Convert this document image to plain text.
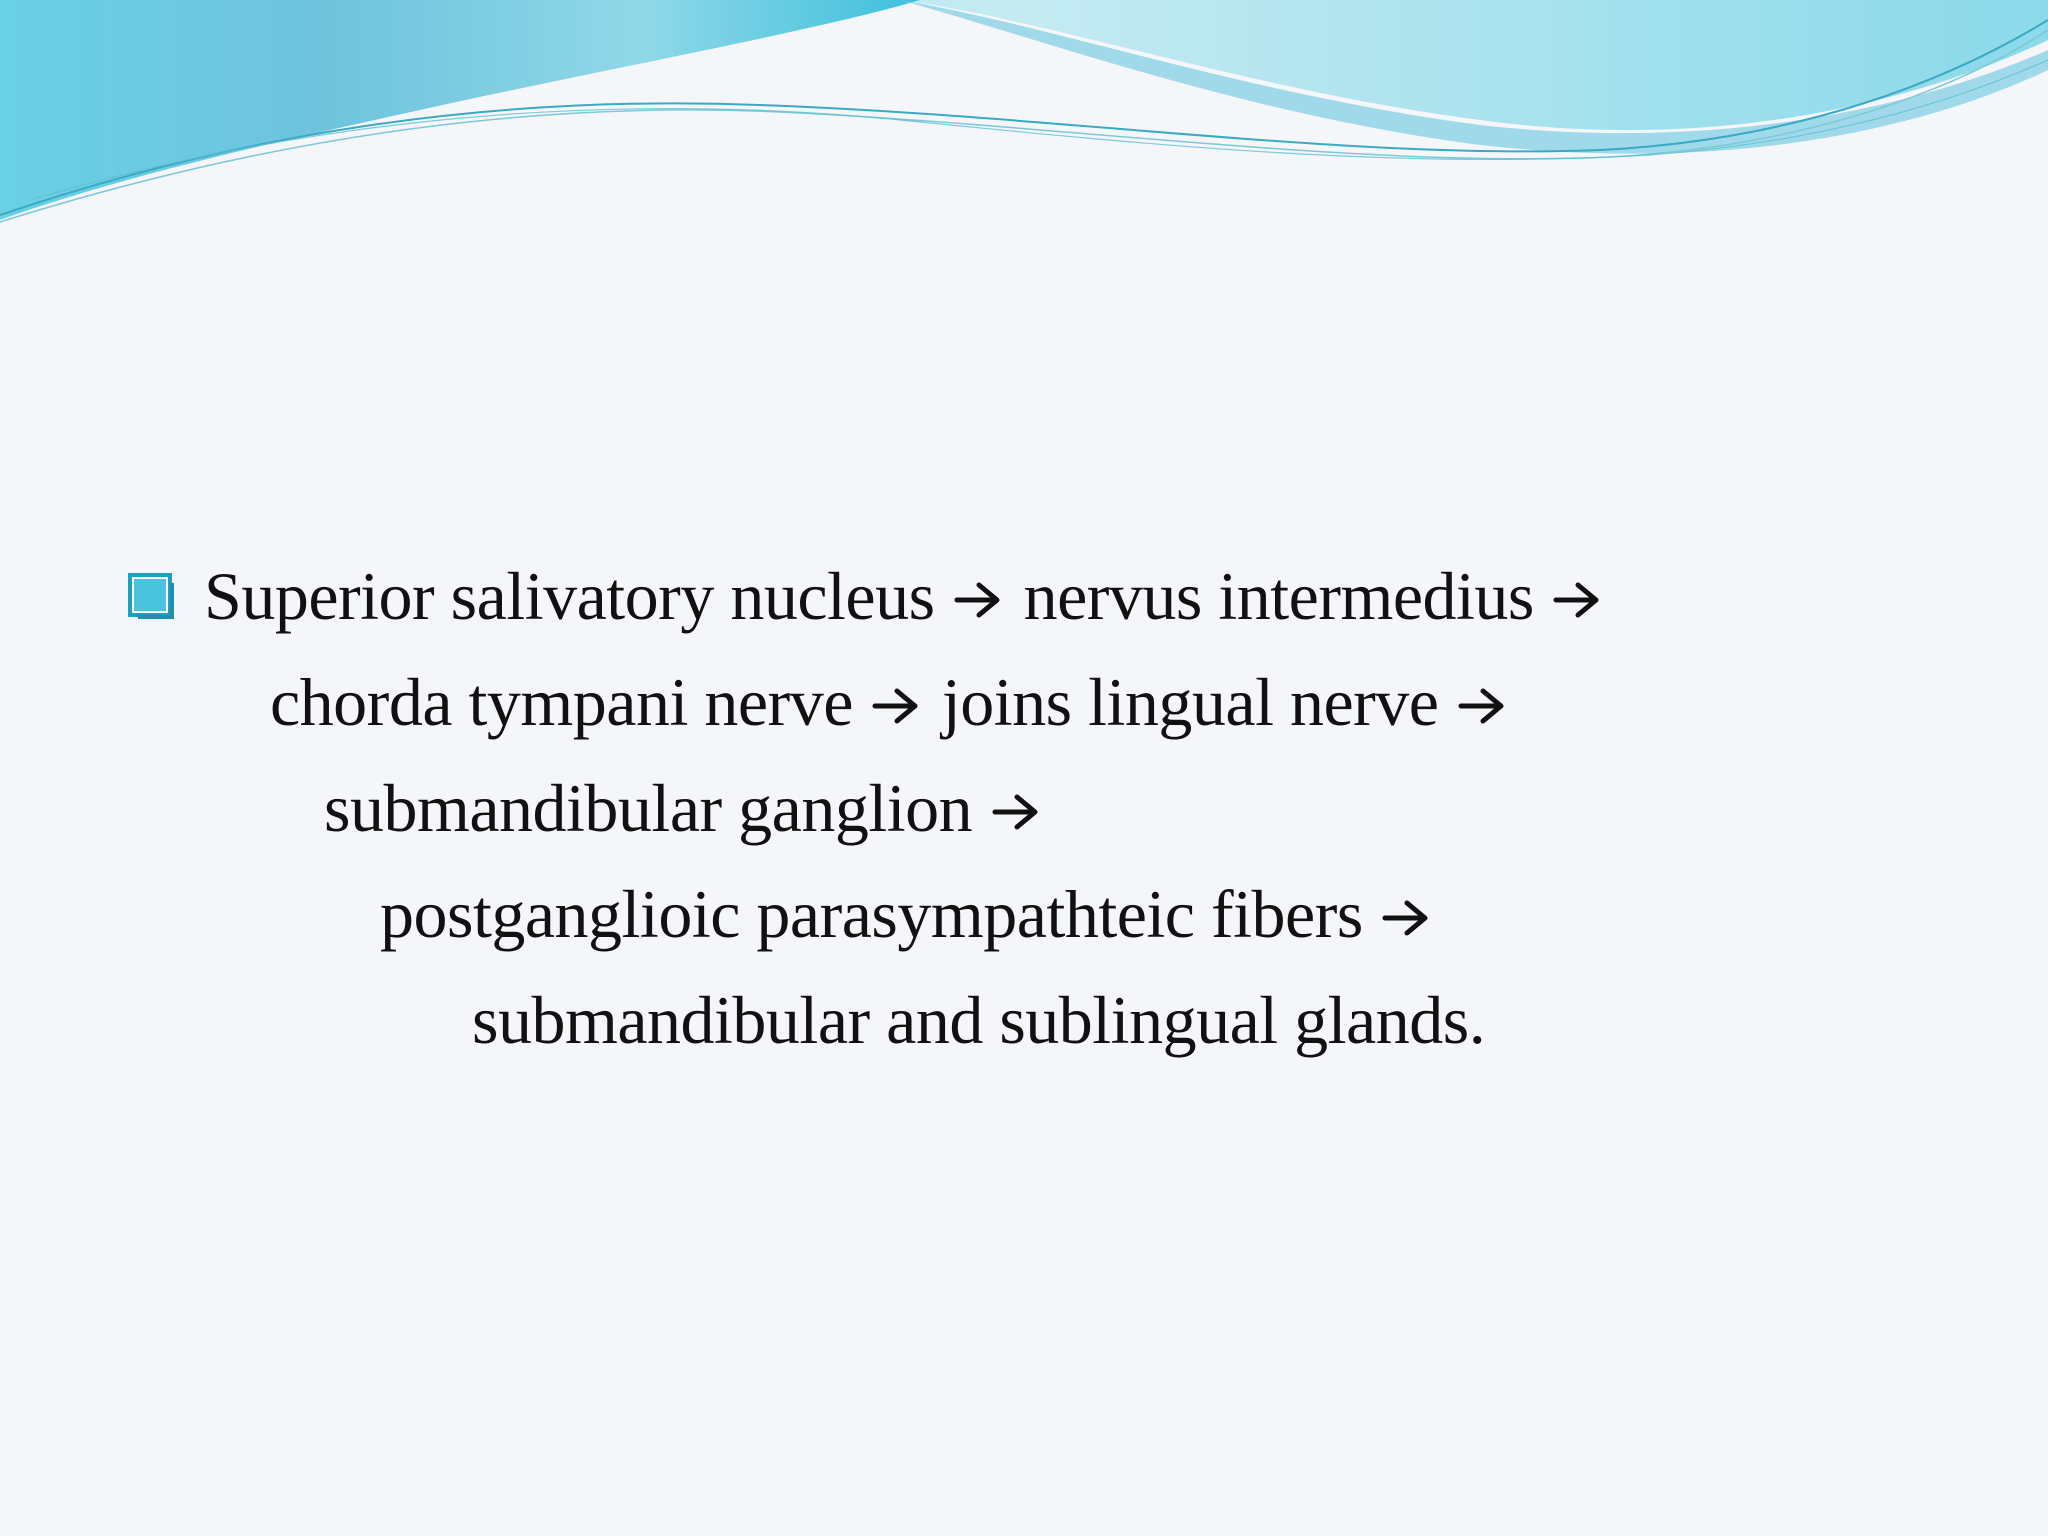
Superior salivatory nucleus  nervus intermedius
chorda tympani nerve  joins lingual nerve
submandibular ganglion
postganglioic parasympathteic fibers
submandibular and sublingual glands.
